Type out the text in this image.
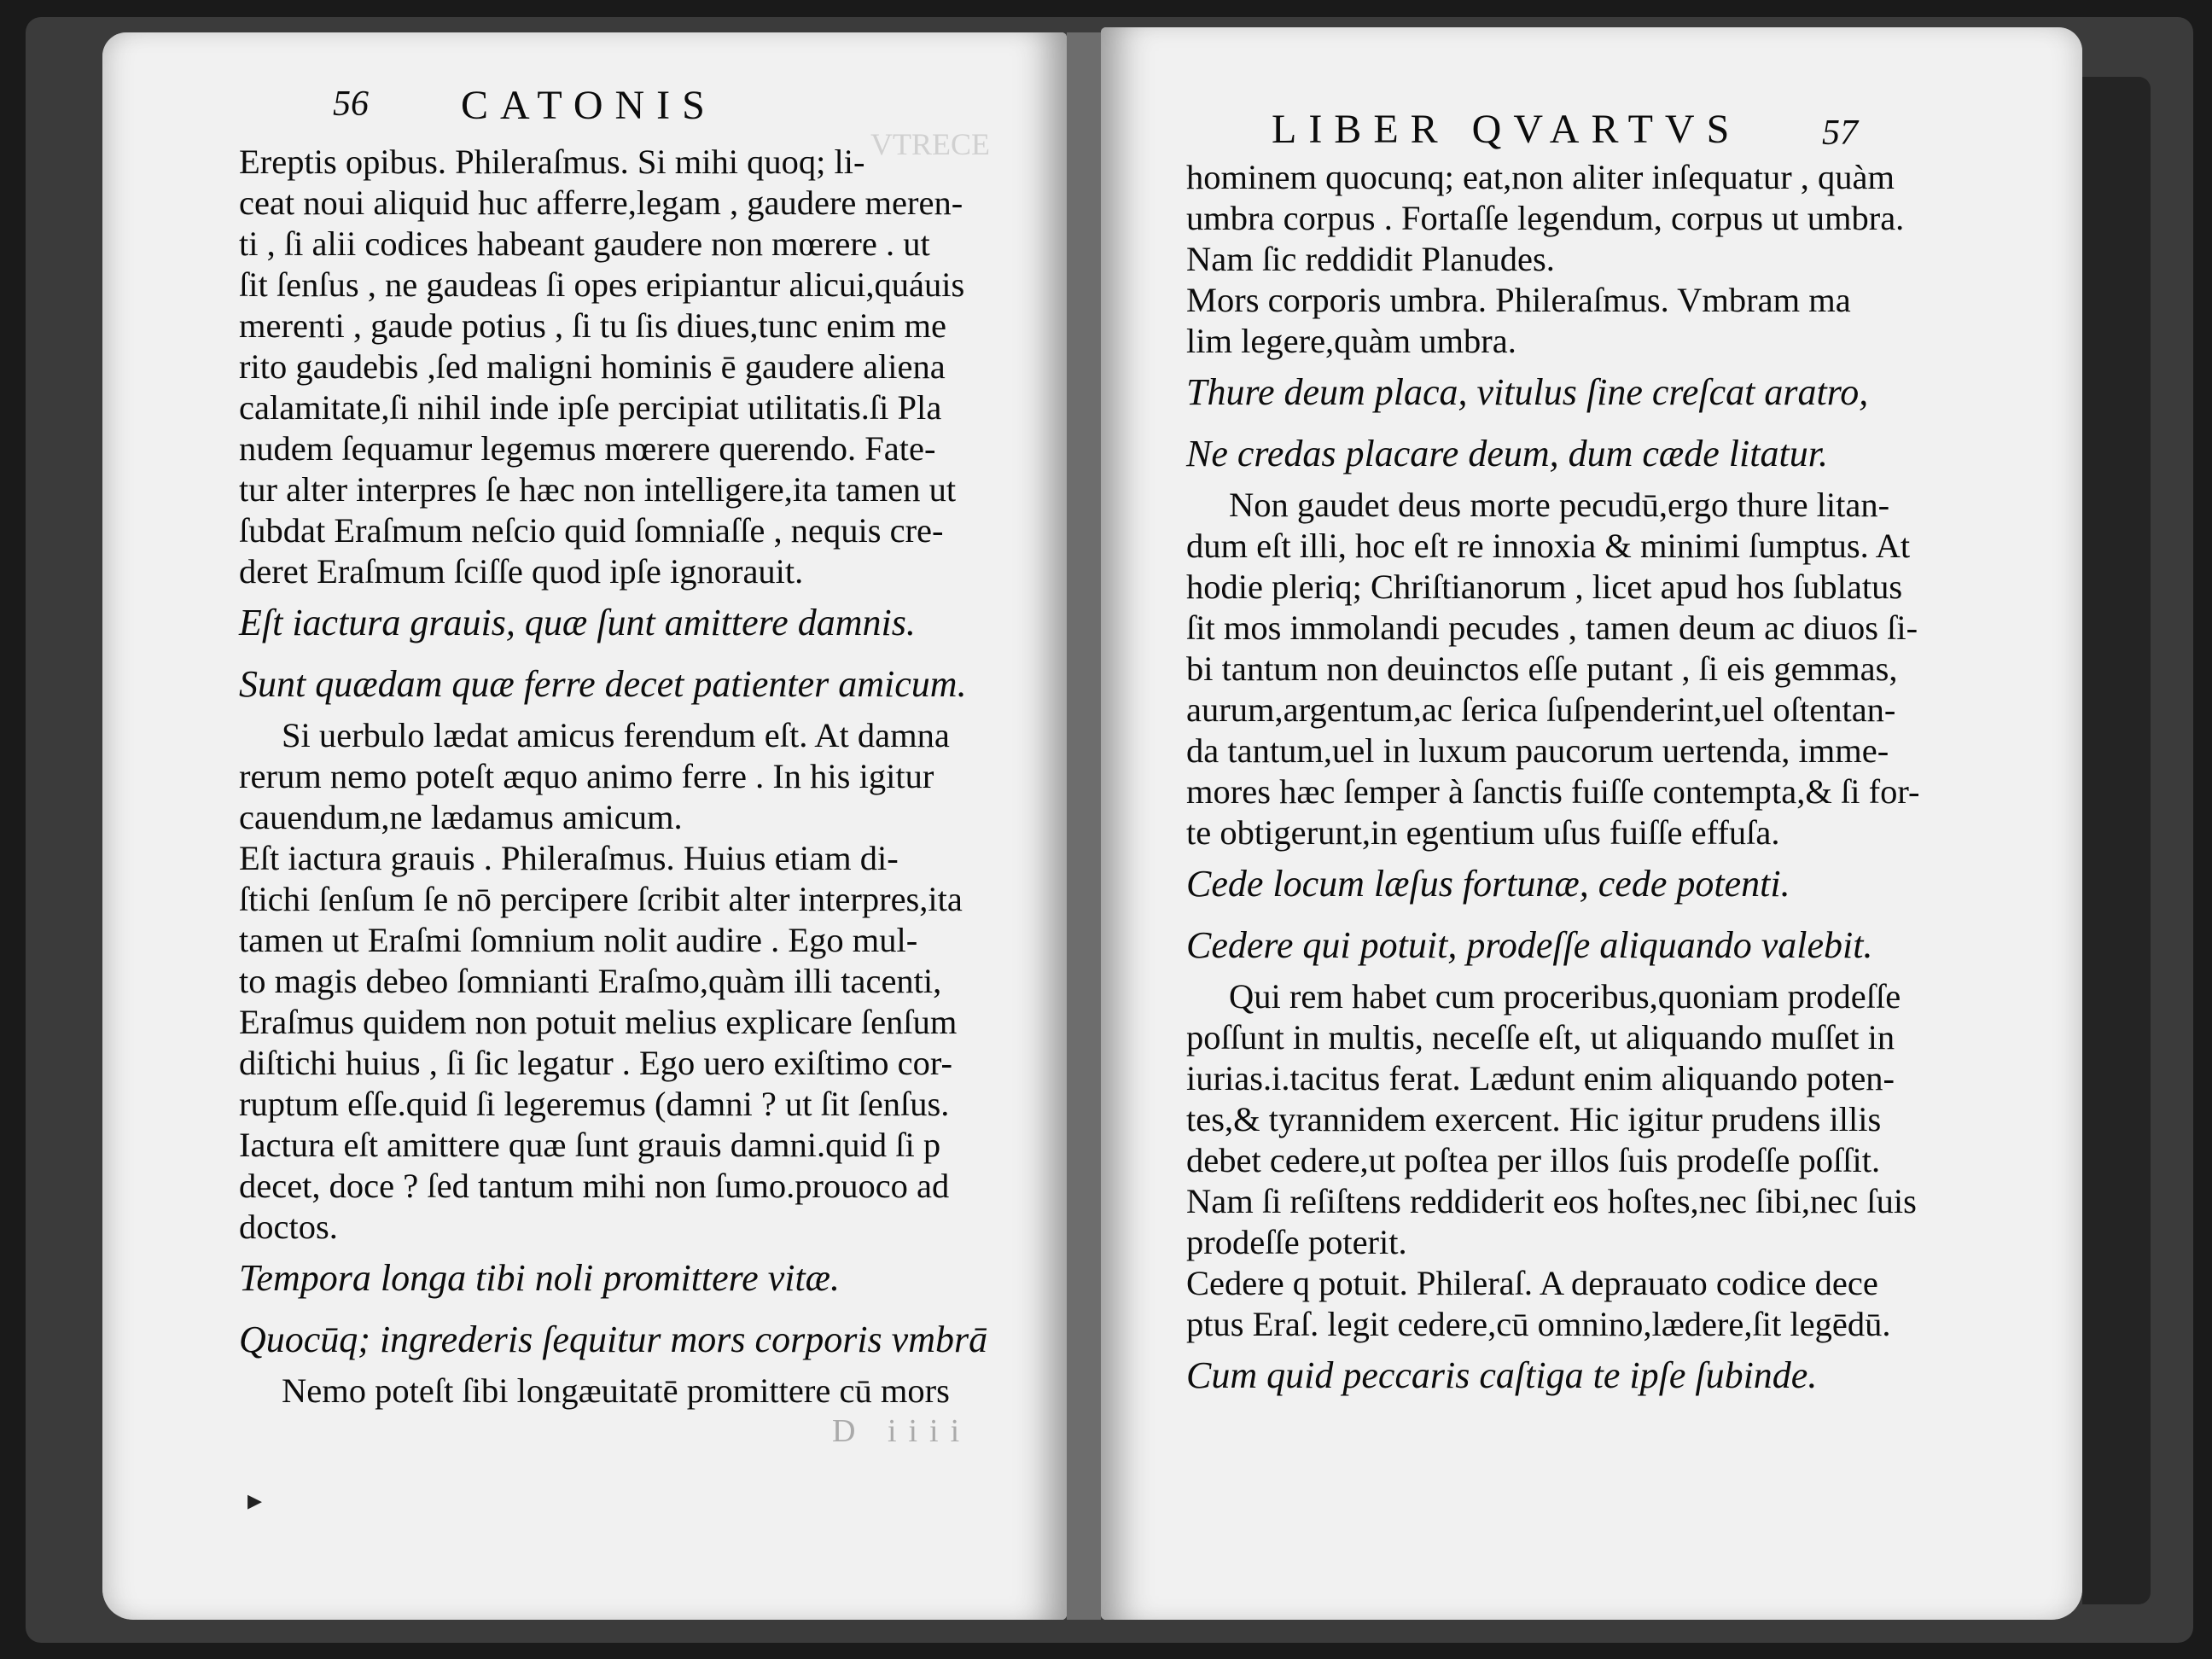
VTRECE
56 CATONIS
Ereptis opibus. Phileraſmus. Si mihi quoq; li-
ceat noui aliquid huc afferre,legam , gaudere meren-
ti , ſi alii codices habeant gaudere non mœrere . ut
ſit ſenſus , ne gaudeas ſi opes eripiantur alicui,quáuis
merenti , gaude potius , ſi tu ſis diues,tunc enim me
rito gaudebis ,ſed maligni hominis ē gaudere aliena
calamitate,ſi nihil inde ipſe percipiat utilitatis.ſi Pla
nudem ſequamur legemus mœrere querendo. Fate-
tur alter interpres ſe hæc non intelligere,ita tamen ut
ſubdat Eraſmum neſcio quid ſomniaſſe , nequis cre-
deret Eraſmum ſciſſe quod ipſe ignorauit.
Eſt iactura grauis, quæ ſunt amittere damnis.
Sunt quædam quæ ferre decet patienter amicum.
Si uerbulo lædat amicus ferendum eſt. At damna
rerum nemo poteſt æquo animo ferre . In his igitur
cauendum,ne lædamus amicum.
Eſt iactura grauis . Phileraſmus. Huius etiam di-
ſtichi ſenſum ſe nō percipere ſcribit alter interpres,ita
tamen ut Eraſmi ſomnium nolit audire . Ego mul-
to magis debeo ſomnianti Eraſmo,quàm illi tacenti,
Eraſmus quidem non potuit melius explicare ſenſum
diſtichi huius , ſi ſic legatur . Ego uero exiſtimo cor-
ruptum eſſe.quid ſi legeremus (damni ? ut ſit ſenſus.
Iactura eſt amittere quæ ſunt grauis damni.quid ſi p
decet, doce ? ſed tantum mihi non ſumo.prouoco ad
doctos.
Tempora longa tibi noli promittere vitæ.
Quocūq; ingrederis ſequitur mors corporis vmbrā
Nemo poteſt ſibi longæuitatē promittere cū mors
D iiii
▸
LIBER QVARTVS 57
hominem quocunq; eat,non aliter inſequatur , quàm
umbra corpus . Fortaſſe legendum, corpus ut umbra.
Nam ſic reddidit Planudes.
Mors corporis umbra. Phileraſmus. Vmbram ma
lim legere,quàm umbra.
Thure deum placa, vitulus ſine creſcat aratro,
Ne credas placare deum, dum cæde litatur.
Non gaudet deus morte pecudū,ergo thure litan-
dum eſt illi, hoc eſt re innoxia & minimi ſumptus. At
hodie pleriq; Chriſtianorum , licet apud hos ſublatus
ſit mos immolandi pecudes , tamen deum ac diuos ſi-
bi tantum non deuinctos eſſe putant , ſi eis gemmas,
aurum,argentum,ac ſerica ſuſpenderint,uel oſtentan-
da tantum,uel in luxum paucorum uertenda, imme-
mores hæc ſemper à ſanctis fuiſſe contempta,& ſi for-
te obtigerunt,in egentium uſus fuiſſe effuſa.
Cede locum læſus fortunæ, cede potenti.
Cedere qui potuit, prodeſſe aliquando valebit.
Qui rem habet cum proceribus,quoniam prodeſſe
poſſunt in multis, neceſſe eſt, ut aliquando muſſet in
iurias.i.tacitus ferat. Lædunt enim aliquando poten-
tes,& tyrannidem exercent. Hic igitur prudens illis
debet cedere,ut poſtea per illos ſuis prodeſſe poſſit.
Nam ſi reſiſtens reddiderit eos hoſtes,nec ſibi,nec ſuis
prodeſſe poterit.
Cedere q potuit. Phileraſ. A deprauato codice dece
ptus Eraſ. legit cedere,cū omnino,lædere,ſit legēdū.
Cum quid peccaris caſtiga te ipſe ſubinde.
